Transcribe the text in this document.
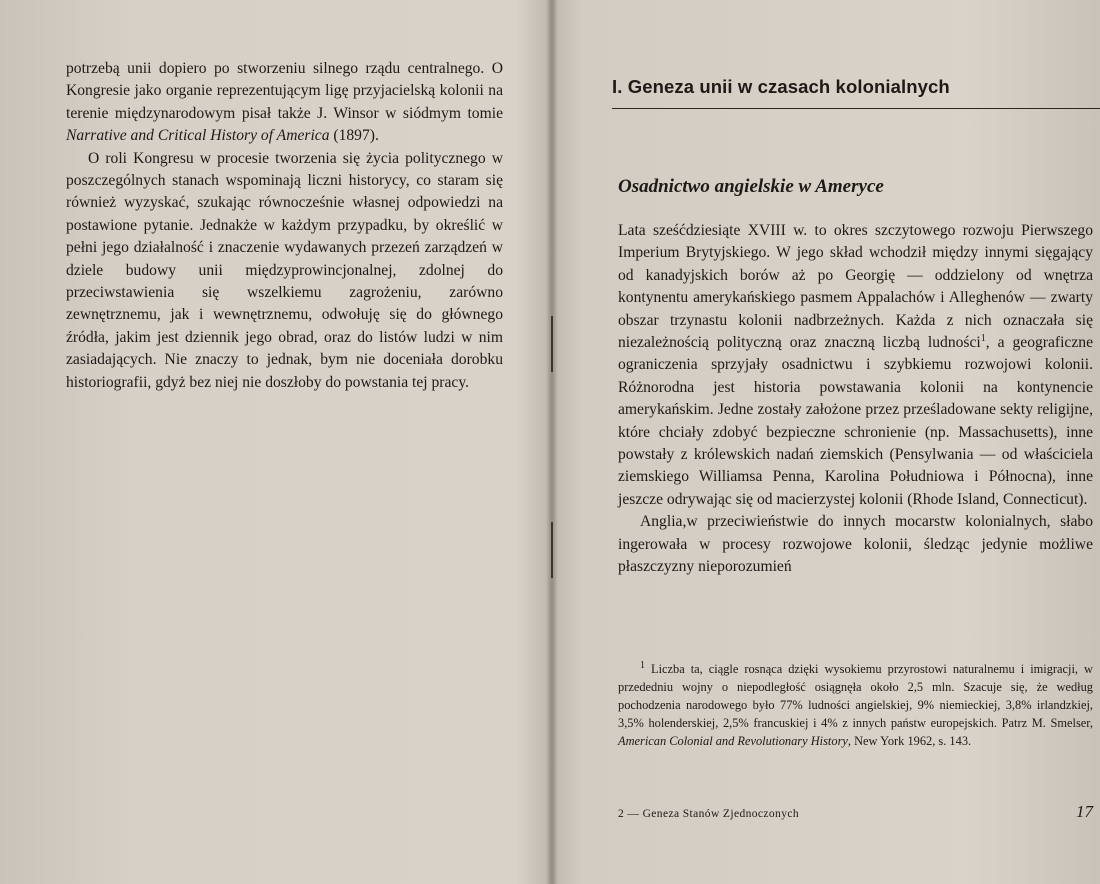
potrzebą unii dopiero po stworzeniu silnego rządu centralnego. O Kongresie jako organie reprezentującym ligę przyjacielską kolonii na terenie międzynarodowym pisał także J. Winsor w siódmym tomie Narrative and Critical History of America (1897).

O roli Kongresu w procesie tworzenia się życia politycznego w poszczególnych stanach wspominają liczni historycy, co staram się również wyzyskać, szukając równocześnie własnej odpowiedzi na postawione pytanie. Jednakże w każdym przypadku, by określić w pełni jego działalność i znaczenie wydawanych przezeń zarządzeń w dziele budowy unii międzyprowincjonalnej, zdolnej do przeciwstawienia się wszelkiemu zagrożeniu, zarówno zewnętrznemu, jak i wewnętrznemu, odwołuję się do głównego źródła, jakim jest dziennik jego obrad, oraz do listów ludzi w nim zasiadających. Nie znaczy to jednak, bym nie doceniała dorobku historiografii, gdyż bez niej nie doszłoby do powstania tej pracy.

I. Geneza unii w czasach kolonialnych
Osadnictwo angielskie w Ameryce

Lata sześćdziesiąte XVIII w. to okres szczytowego rozwoju Pierwszego Imperium Brytyjskiego. W jego skład wchodził między innymi sięgający od kanadyjskich borów aż po Georgię — oddzielony od wnętrza kontynentu amerykańskiego pasmem Appalachów i Alleghenów — zwarty obszar trzynastu kolonii nadbrzeżnych. Każda z nich oznaczała się niezależnością polityczną oraz znaczną liczbą ludności$^1$, a geograficzne ograniczenia sprzyjały osadnictwu i szybkiemu rozwojowi kolonii. Różnorodna jest historia powstawania kolonii na kontynencie amerykańskim. Jedne zostały założone przez prześladowane sekty religijne, które chciały zdobyć bezpieczne schronienie (np. Massachusetts), inne powstały z królewskich nadań ziemskich (Pensylwania — od właściciela ziemskiego Williamsa Penna, Karolina Południowa i Północna), inne jeszcze odrywając się od macierzystej kolonii (Rhode Island, Connecticut).

Anglia,w przeciwieństwie do innych mocarstw kolonialnych, słabo ingerowała w procesy rozwojowe kolonii, śledząc jedynie możliwe płaszczyzny nieporozumień

$^1$ Liczba ta, ciągle rosnąca dzięki wysokiemu przyrostowi naturalnemu i imigracji, w przededniu wojny o niepodległość osiągnęła około 2,5 mln. Szacuje się, że według pochodzenia narodowego było 77% ludności angielskiej, 9% niemieckiej, 3,8% irlandzkiej, 3,5% holenderskiej, 2,5% francuskiej i 4% z innych państw europejskich. Patrz M. Smelser, American Colonial and Revolutionary History, New York 1962, s. 143.

2 — Geneza Stanów Zjednoczonych	17
